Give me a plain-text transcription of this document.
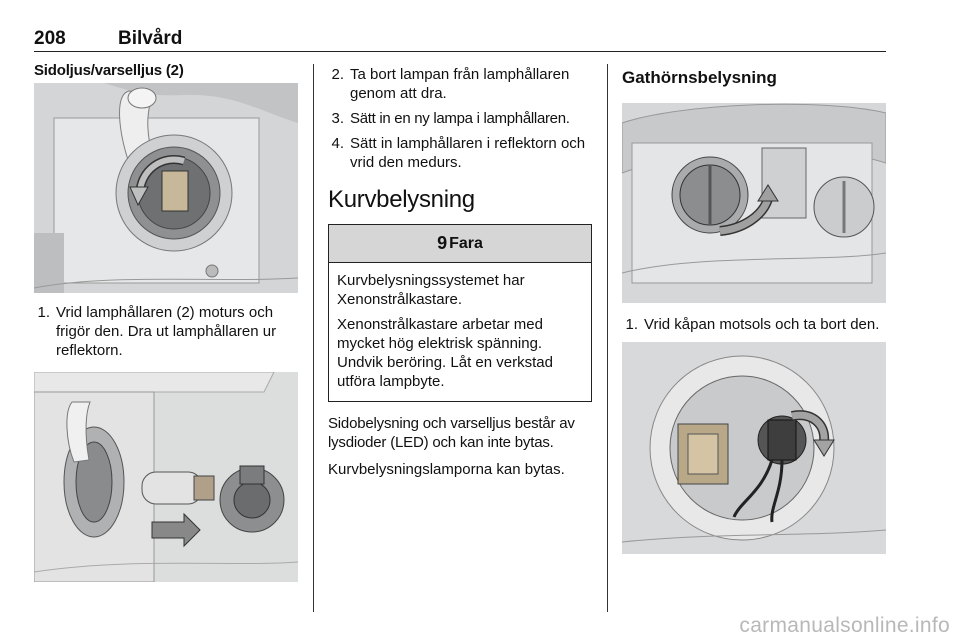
208	Bilvård
Sidoljus/varselljus (2)
1. Vrid lamphållaren (2) moturs och frigör den. Dra ut lamphållaren ur reflektorn.
2. Ta bort lampan från lamphållaren genom att dra.
3. Sätt in en ny lampa i lamphållaren.
4. Sätt in lamphållaren i reflektorn och vrid den medurs.
Kurvbelysning
9 Fara

Kurvbelysningssystemet har Xenonstrålkastare.

Xenonstrålkastare arbetar med mycket hög elektrisk spänning. Undvik beröring. Låt en verkstad utföra lampbyte.

Sidobelysning och varselljus består av lysdioder (LED) och kan inte bytas.

Kurvbelysningslamporna kan bytas.

Gathörnsbelysning
1. Vrid kåpan motsols och ta bort den.
carmanualsonline.info
